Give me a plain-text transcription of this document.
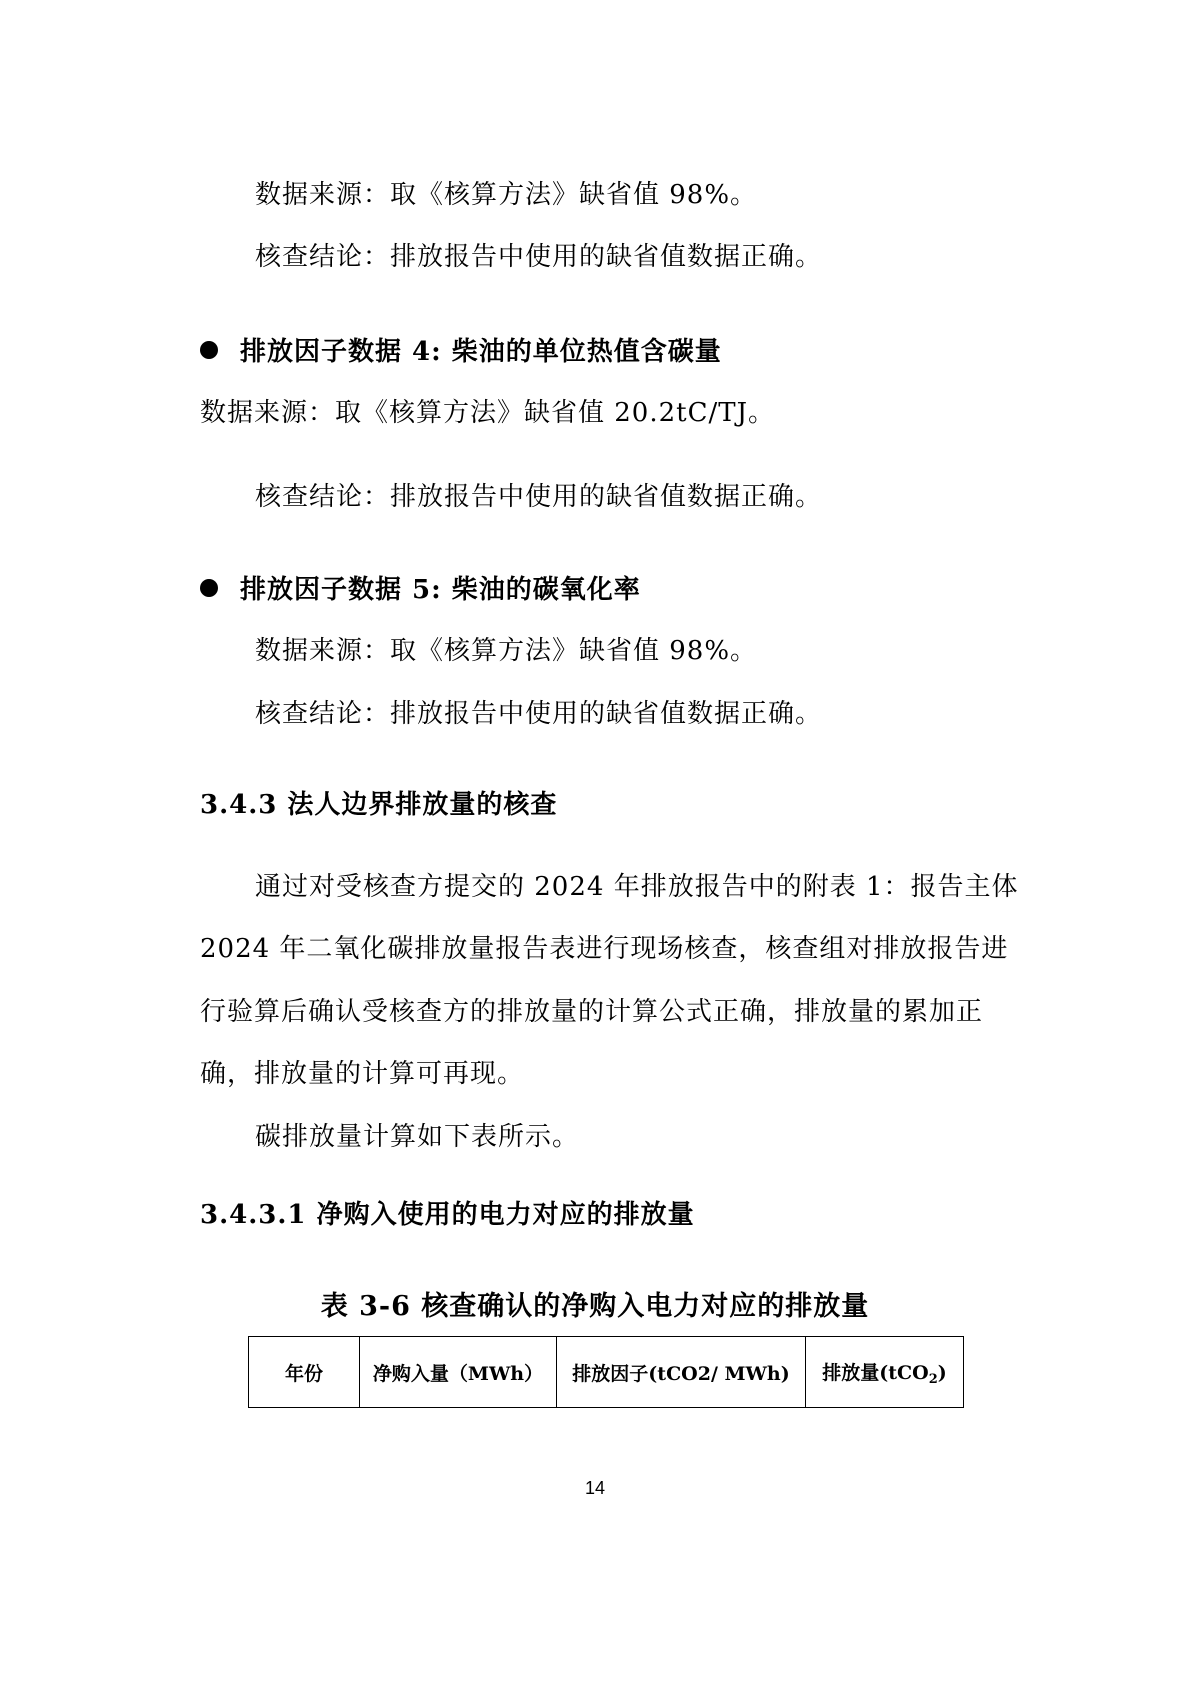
数据来源：取《核算方法》缺省值 98%。
核查结论：排放报告中使用的缺省值数据正确。
排放因子数据 4: 柴油的单位热值含碳量
数据来源：取《核算方法》缺省值 20.2tC/TJ。
核查结论：排放报告中使用的缺省值数据正确。
排放因子数据 5: 柴油的碳氧化率
数据来源：取《核算方法》缺省值 98%。
核查结论：排放报告中使用的缺省值数据正确。
3.4.3 法人边界排放量的核查
通过对受核查方提交的 2024 年排放报告中的附表 1：报告主体
2024 年二氧化碳排放量报告表进行现场核查，核查组对排放报告进
行验算后确认受核查方的排放量的计算公式正确，排放量的累加正
确，排放量的计算可再现。
碳排放量计算如下表所示。
3.4.3.1 净购入使用的电力对应的排放量
表 3-6 核查确认的净购入电力对应的排放量
年份	净购入量（MWh）	排放因子(tCO2/ MWh)	排放量(tCO$_2$)
14
